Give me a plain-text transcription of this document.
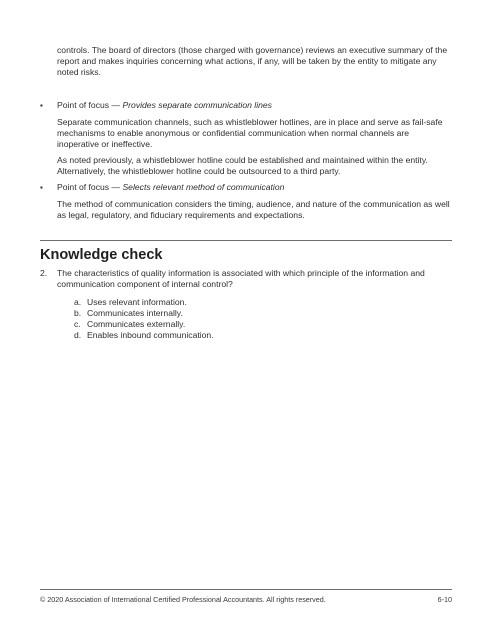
controls. The board of directors (those charged with governance) reviews an executive summary of the report and makes inquiries concerning what actions, if any, will be taken by the entity to mitigate any noted risks.

▪	Point of focus — Provides separate communication lines

Separate communication channels, such as whistleblower hotlines, are in place and serve as fail-safe mechanisms to enable anonymous or confidential communication when normal channels are inoperative or ineffective.

As noted previously, a whistleblower hotline could be established and maintained within the entity. Alternatively, the whistleblower hotline could be outsourced to a third party.

▪	Point of focus — Selects relevant method of communication

The method of communication considers the timing, audience, and nature of the communication as well as legal, regulatory, and fiduciary requirements and expectations.

Knowledge check
2. The characteristics of quality information is associated with which principle of the information and communication component of internal control?

a. Uses relevant information.
b. Communicates internally.
c. Communicates externally.
d. Enables inbound communication.
© 2020 Association of International Certified Professional Accountants. All rights reserved.	6-10
